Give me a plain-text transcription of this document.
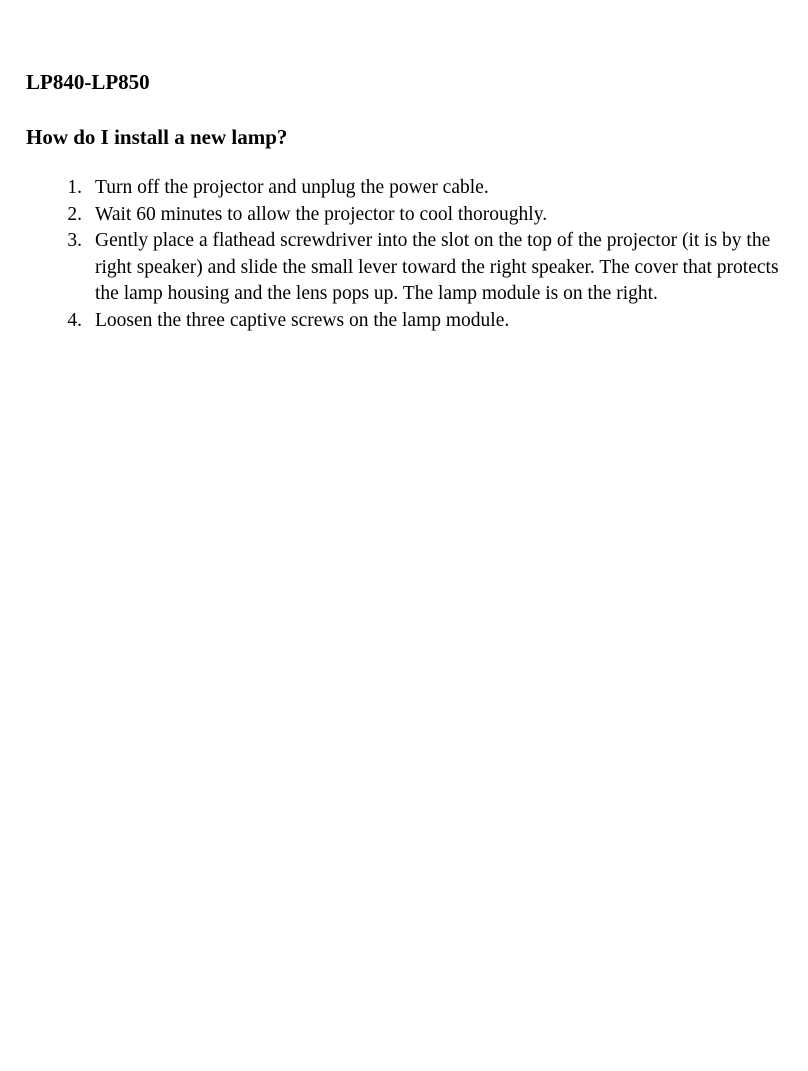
LP840-LP850
How do I install a new lamp?
1. Turn off the projector and unplug the power cable.
2. Wait 60 minutes to allow the projector to cool thoroughly.
3. Gently place a flathead screwdriver into the slot on the top of the projector (it is by the right speaker) and slide the small lever toward the right speaker. The cover that protects the lamp housing and the lens pops up. The lamp module is on the right.
4. Loosen the three captive screws on the lamp module.
